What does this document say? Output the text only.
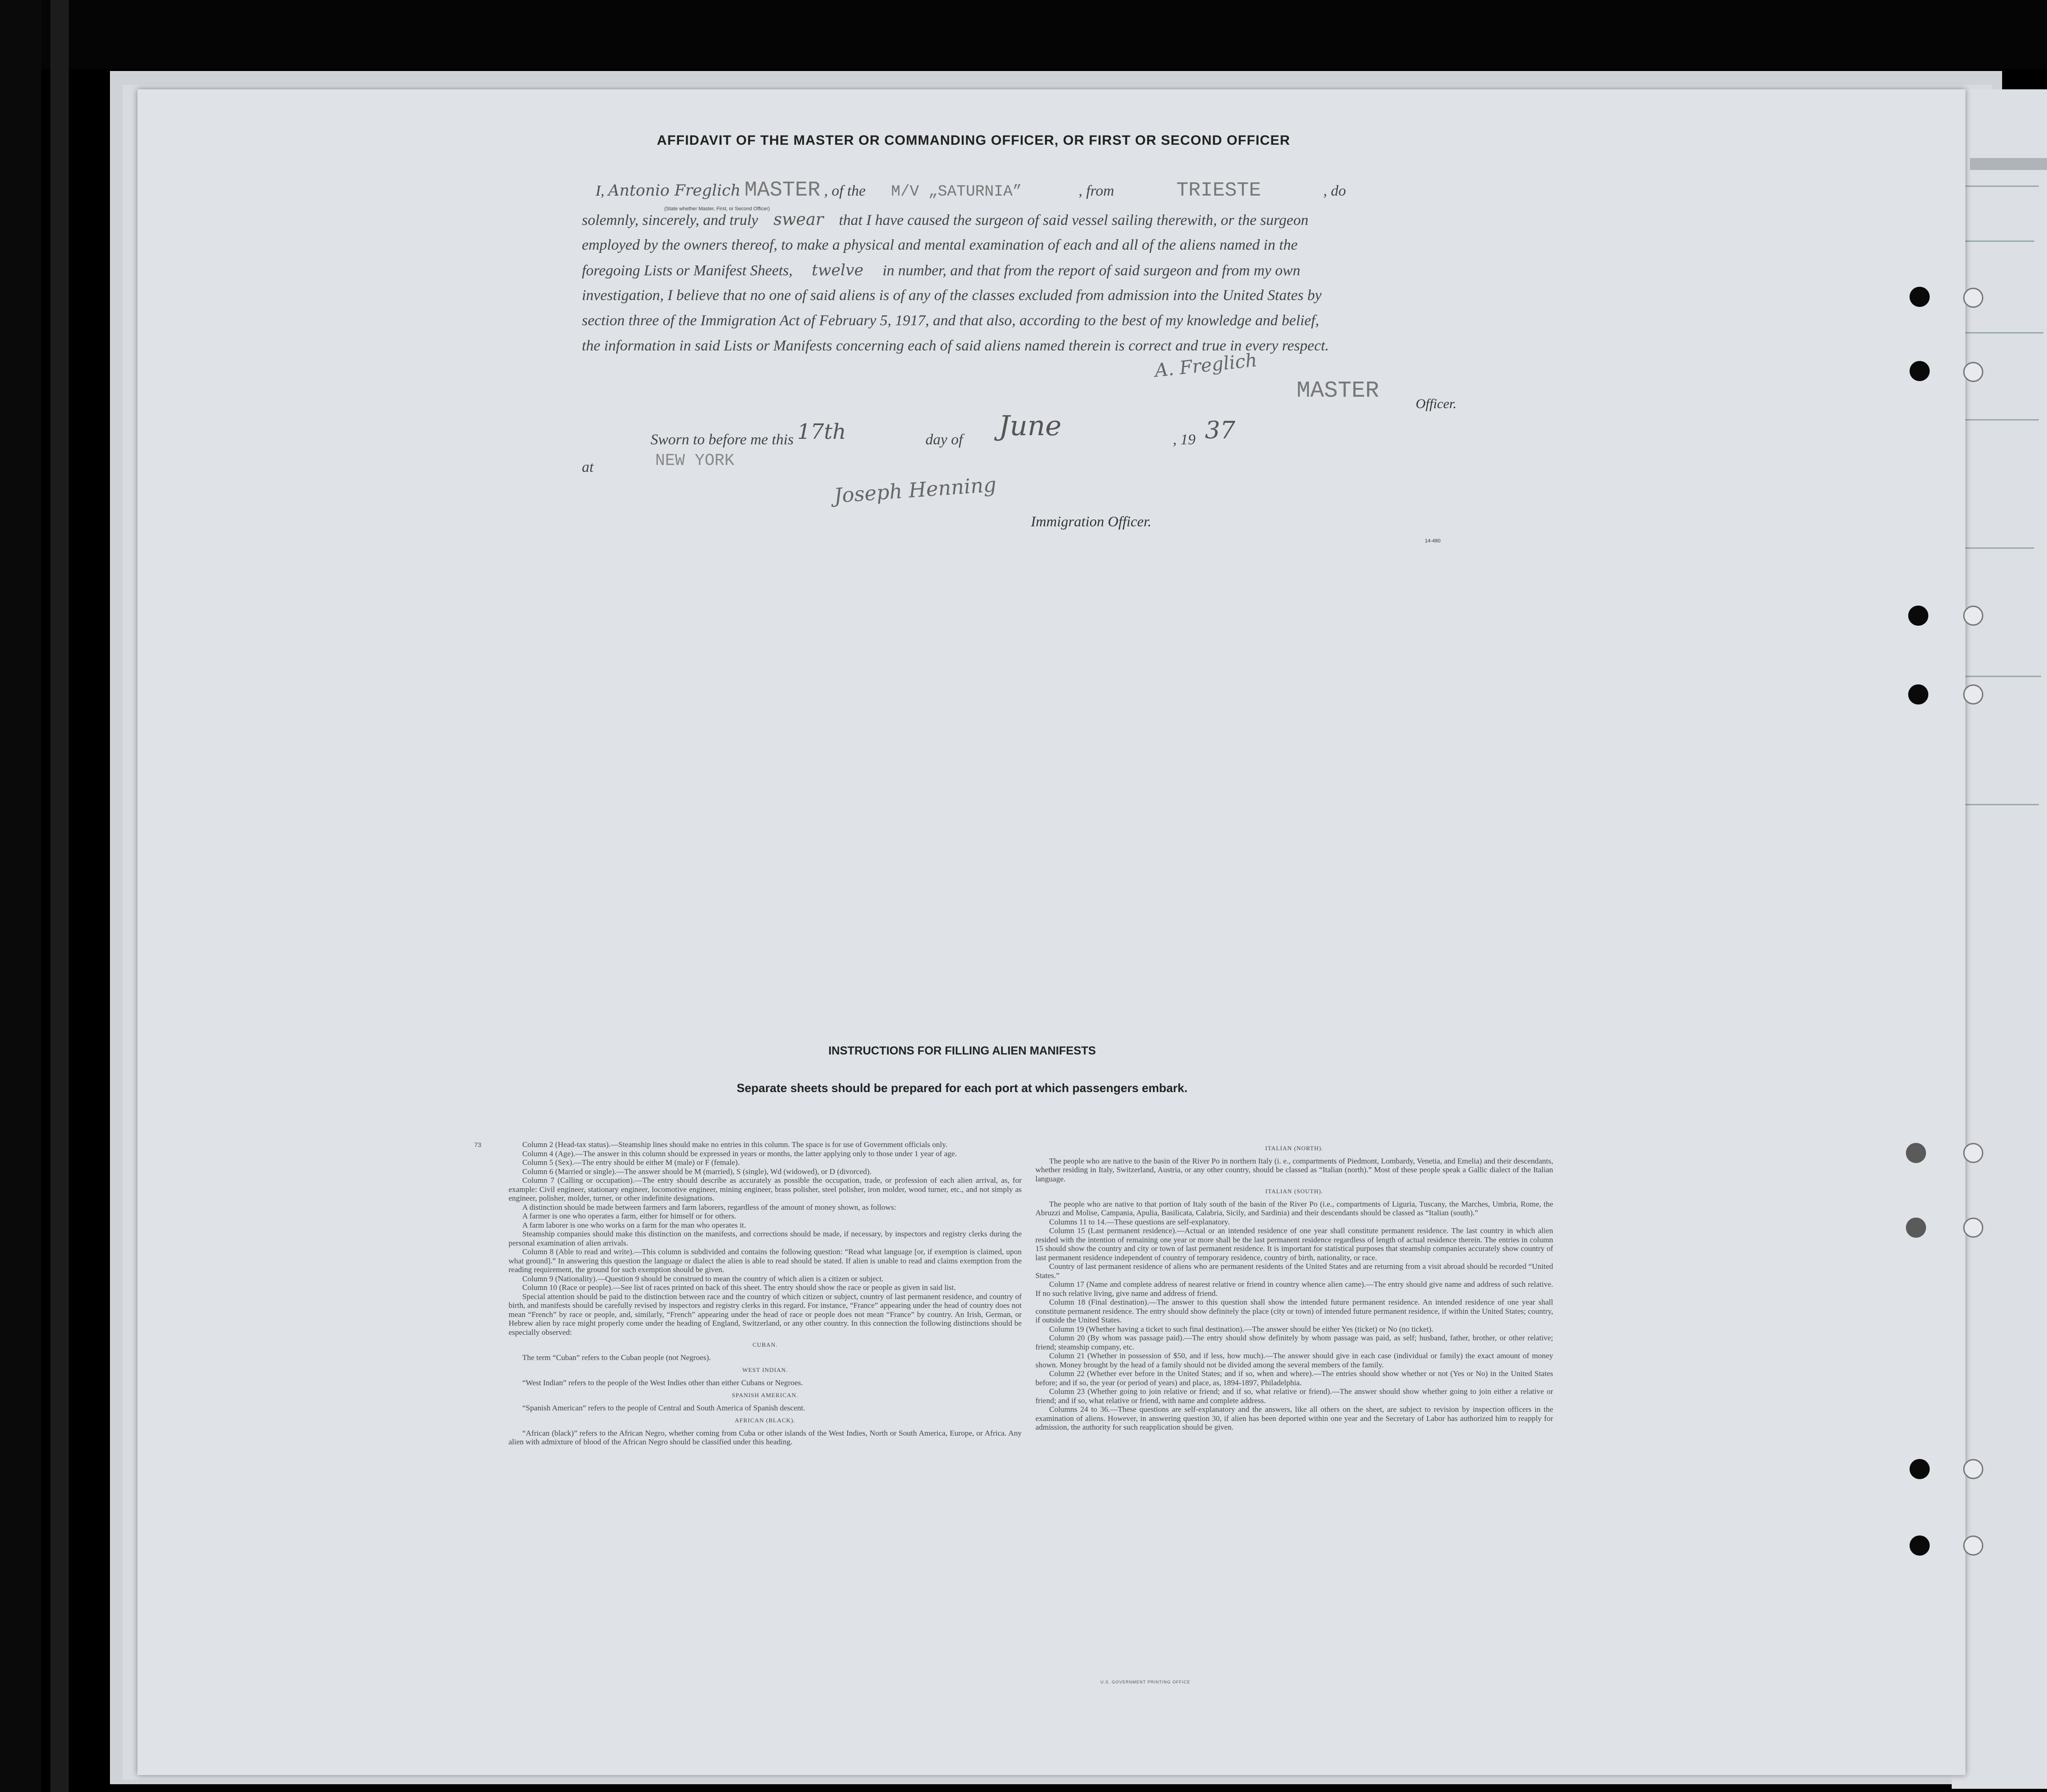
AFFIDAVIT OF THE MASTER OR COMMANDING OFFICER, OR FIRST OR SECOND OFFICER
I, Antonio Freglich MASTER , of the M/V „SATURNIA”	, from	TRIESTE	, do
(State whether Master, First, or Second Officer)
solemnly, sincerely, and truly swear that I have caused the surgeon of said vessel sailing therewith, or the surgeon
employed by the owners thereof, to make a physical and mental examination of each and all of the aliens named in the
foregoing Lists or Manifest Sheets, twelve in number, and that from the report of said surgeon and from my own
investigation, I believe that no one of said aliens is of any of the classes excluded from admission into the United States by
section three of the Immigration Act of February 5, 1917, and that also, according to the best of my knowledge and belief,
the information in said Lists or Manifests concerning each of said aliens named therein is correct and true in every respect.
A. Freglich
MASTER	Officer.
Sworn to before me this 17th	day of June	, 19 37
at	NEW YORK
Joseph Henning
Immigration Officer.
14-480
INSTRUCTIONS FOR FILLING ALIEN MANIFESTS
Separate sheets should be prepared for each port at which passengers embark.
73	Column 2 (Head-tax status).—Steamship lines should make no entries in this column. The space is for use of Government officials only.

Column 4 (Age).—The answer in this column should be expressed in years or months, the latter applying only to those under 1 year of age.

Column 5 (Sex).—The entry should be either M (male) or F (female).

Column 6 (Married or single).—The answer should be M (married), S (single), Wd (widowed), or D (divorced).

Column 7 (Calling or occupation).—The entry should describe as accurately as possible the occupation, trade, or profession of each alien arrival, as, for example: Civil engineer, stationary engineer, locomotive engineer, mining engineer, brass polisher, steel polisher, iron molder, wood turner, etc., and not simply as engineer, polisher, molder, turner, or other indefinite designations.

A distinction should be made between farmers and farm laborers, regardless of the amount of money shown, as follows:

A farmer is one who operates a farm, either for himself or for others.

A farm laborer is one who works on a farm for the man who operates it.

Steamship companies should make this distinction on the manifests, and corrections should be made, if necessary, by inspectors and registry clerks during the personal examination of alien arrivals.

Column 8 (Able to read and write).—This column is subdivided and contains the following question: “Read what language [or, if exemption is claimed, upon what ground].” In answering this question the language or dialect the alien is able to read should be stated. If alien is unable to read and claims exemption from the reading requirement, the ground for such exemption should be given.

Column 9 (Nationality).—Question 9 should be construed to mean the country of which alien is a citizen or subject.

Column 10 (Race or people).—See list of races printed on back of this sheet. The entry should show the race or people as given in said list.

Special attention should be paid to the distinction between race and the country of which citizen or subject, country of last permanent residence, and country of birth, and manifests should be carefully revised by inspectors and registry clerks in this regard. For instance, “France” appearing under the head of country does not mean “French” by race or people, and, similarly, “French” appearing under the head of race or people does not mean “France” by country. An Irish, German, or Hebrew alien by race might properly come under the heading of England, Switzerland, or any other country. In this connection the following distinctions should be especially observed:

CUBAN.

The term “Cuban” refers to the Cuban people (not Negroes).

WEST INDIAN.

“West Indian” refers to the people of the West Indies other than either Cubans or Negroes.

SPANISH AMERICAN.

“Spanish American” refers to the people of Central and South America of Spanish descent.

AFRICAN (BLACK).

“African (black)” refers to the African Negro, whether coming from Cuba or other islands of the West Indies, North or South America, Europe, or Africa. Any alien with admixture of blood of the African Negro should be classified under this heading.

ITALIAN (NORTH).

The people who are native to the basin of the River Po in northern Italy (i. e., compartments of Piedmont, Lombardy, Venetia, and Emelia) and their descendants, whether residing in Italy, Switzerland, Austria, or any other country, should be classed as “Italian (north).” Most of these people speak a Gallic dialect of the Italian language.

ITALIAN (SOUTH).

The people who are native to that portion of Italy south of the basin of the River Po (i.e., compartments of Liguria, Tuscany, the Marches, Umbria, Rome, the Abruzzi and Molise, Campania, Apulia, Basilicata, Calabria, Sicily, and Sardinia) and their descendants should be classed as “Italian (south).”

Columns 11 to 14.—These questions are self-explanatory.

Column 15 (Last permanent residence).—Actual or an intended residence of one year shall constitute permanent residence. The last country in which alien resided with the intention of remaining one year or more shall be the last permanent residence regardless of length of actual residence therein. The entries in column 15 should show the country and city or town of last permanent residence. It is important for statistical purposes that steamship companies accurately show country of last permanent residence independent of country of temporary residence, country of birth, nationality, or race.

Country of last permanent residence of aliens who are permanent residents of the United States and are returning from a visit abroad should be recorded “United States.”

Column 17 (Name and complete address of nearest relative or friend in country whence alien came).—The entry should give name and address of such relative. If no such relative living, give name and address of friend.

Column 18 (Final destination).—The answer to this question shall show the intended future permanent residence. An intended residence of one year shall constitute permanent residence. The entry should show definitely the place (city or town) of intended future permanent residence, if within the United States; country, if outside the United States.

Column 19 (Whether having a ticket to such final destination).—The answer should be either Yes (ticket) or No (no ticket).

Column 20 (By whom was passage paid).—The entry should show definitely by whom passage was paid, as self; husband, father, brother, or other relative; friend; steamship company, etc.

Column 21 (Whether in possession of $50, and if less, how much).—The answer should give in each case (individual or family) the exact amount of money shown. Money brought by the head of a family should not be divided among the several members of the family.

Column 22 (Whether ever before in the United States; and if so, when and where).—The entries should show whether or not (Yes or No) in the United States before; and if so, the year (or period of years) and place, as, 1894-1897, Philadelphia.

Column 23 (Whether going to join relative or friend; and if so, what relative or friend).—The answer should show whether going to join either a relative or friend; and if so, what relative or friend, with name and complete address.

Columns 24 to 36.—These questions are self-explanatory and the answers, like all others on the sheet, are subject to revision by inspection officers in the examination of aliens. However, in answering question 30, if alien has been deported within one year and the Secretary of Labor has authorized him to reapply for admission, the authority for such reapplication should be given.

U.S. GOVERNMENT PRINTING OFFICE
